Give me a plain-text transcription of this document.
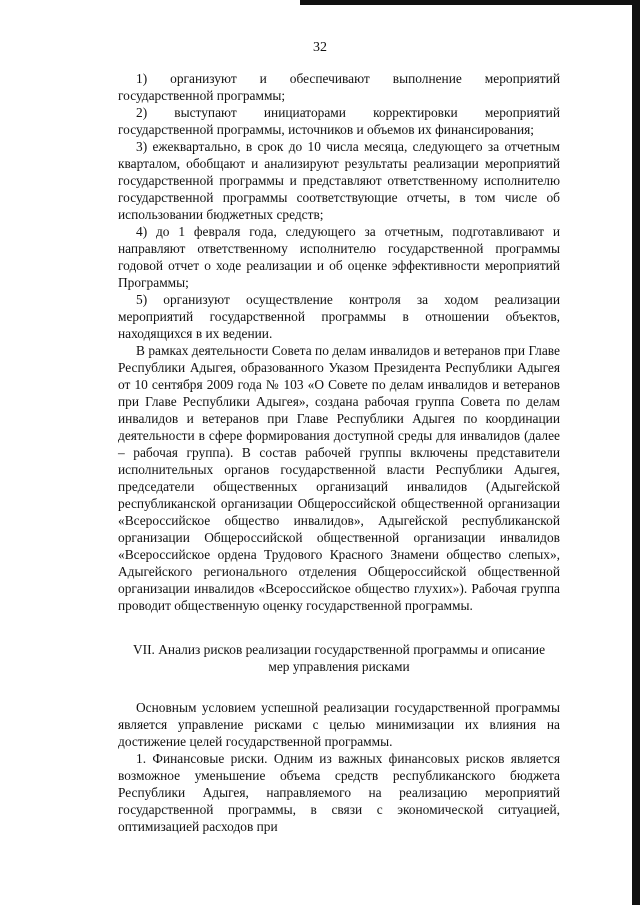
32

1) организуют и обеспечивают выполнение мероприятий государственной программы;

2) выступают инициаторами корректировки мероприятий государственной программы, источников и объемов их финансирования;

3) ежеквартально, в срок до 10 числа месяца, следующего за отчетным кварталом, обобщают и анализируют результаты реализации мероприятий государственной программы и представляют ответственному исполнителю государственной программы соответствующие отчеты, в том числе об использовании бюджетных средств;

4) до 1 февраля года, следующего за отчетным, подготавливают и направляют ответственному исполнителю государственной программы годовой отчет о ходе реализации и об оценке эффективности мероприятий Программы;

5) организуют осуществление контроля за ходом реализации мероприятий государственной программы в отношении объектов, находящихся в их ведении.

В рамках деятельности Совета по делам инвалидов и ветеранов при Главе Республики Адыгея, образованного Указом Президента Республики Адыгея от 10 сентября 2009 года № 103 «О Совете по делам инвалидов и ветеранов при Главе Республики Адыгея», создана рабочая группа Совета по делам инвалидов и ветеранов при Главе Республики Адыгея по координации деятельности в сфере формирования доступной среды для инвалидов (далее – рабочая группа). В состав рабочей группы включены представители исполнительных органов государственной власти Республики Адыгея, председатели общественных организаций инвалидов (Адыгейской республиканской организации Общероссийской общественной организации «Всероссийское общество инвалидов», Адыгейской республиканской организации Общероссийской общественной организации инвалидов «Всероссийское ордена Трудового Красного Знамени общество слепых», Адыгейского регионального отделения Общероссийской общественной организации инвалидов «Всероссийское общество глухих»). Рабочая группа проводит общественную оценку государственной программы.

VII. Анализ рисков реализации государственной программы и описание
мер управления рисками

Основным условием успешной реализации государственной программы является управление рисками с целью минимизации их влияния на достижение целей государственной программы.

1. Финансовые риски. Одним из важных финансовых рисков является возможное уменьшение объема средств республиканского бюджета Республики Адыгея, направляемого на реализацию мероприятий государственной программы, в связи с экономической ситуацией, оптимизацией расходов при
